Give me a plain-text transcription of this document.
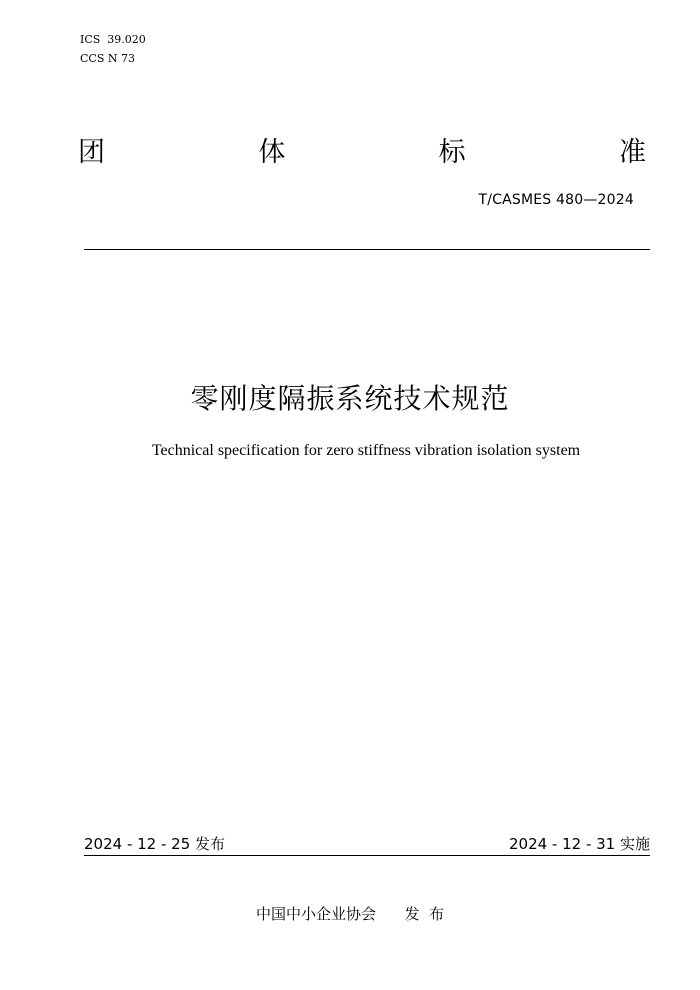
ICS  39.020
CCS N 73
团	体	标	准
T/CASMES 480—2024
零刚度隔振系统技术规范
Technical specification for zero stiffness vibration isolation system
2024 - 12 - 25 发布	2024 - 12 - 31 实施
中国中小企业协会 发  布
